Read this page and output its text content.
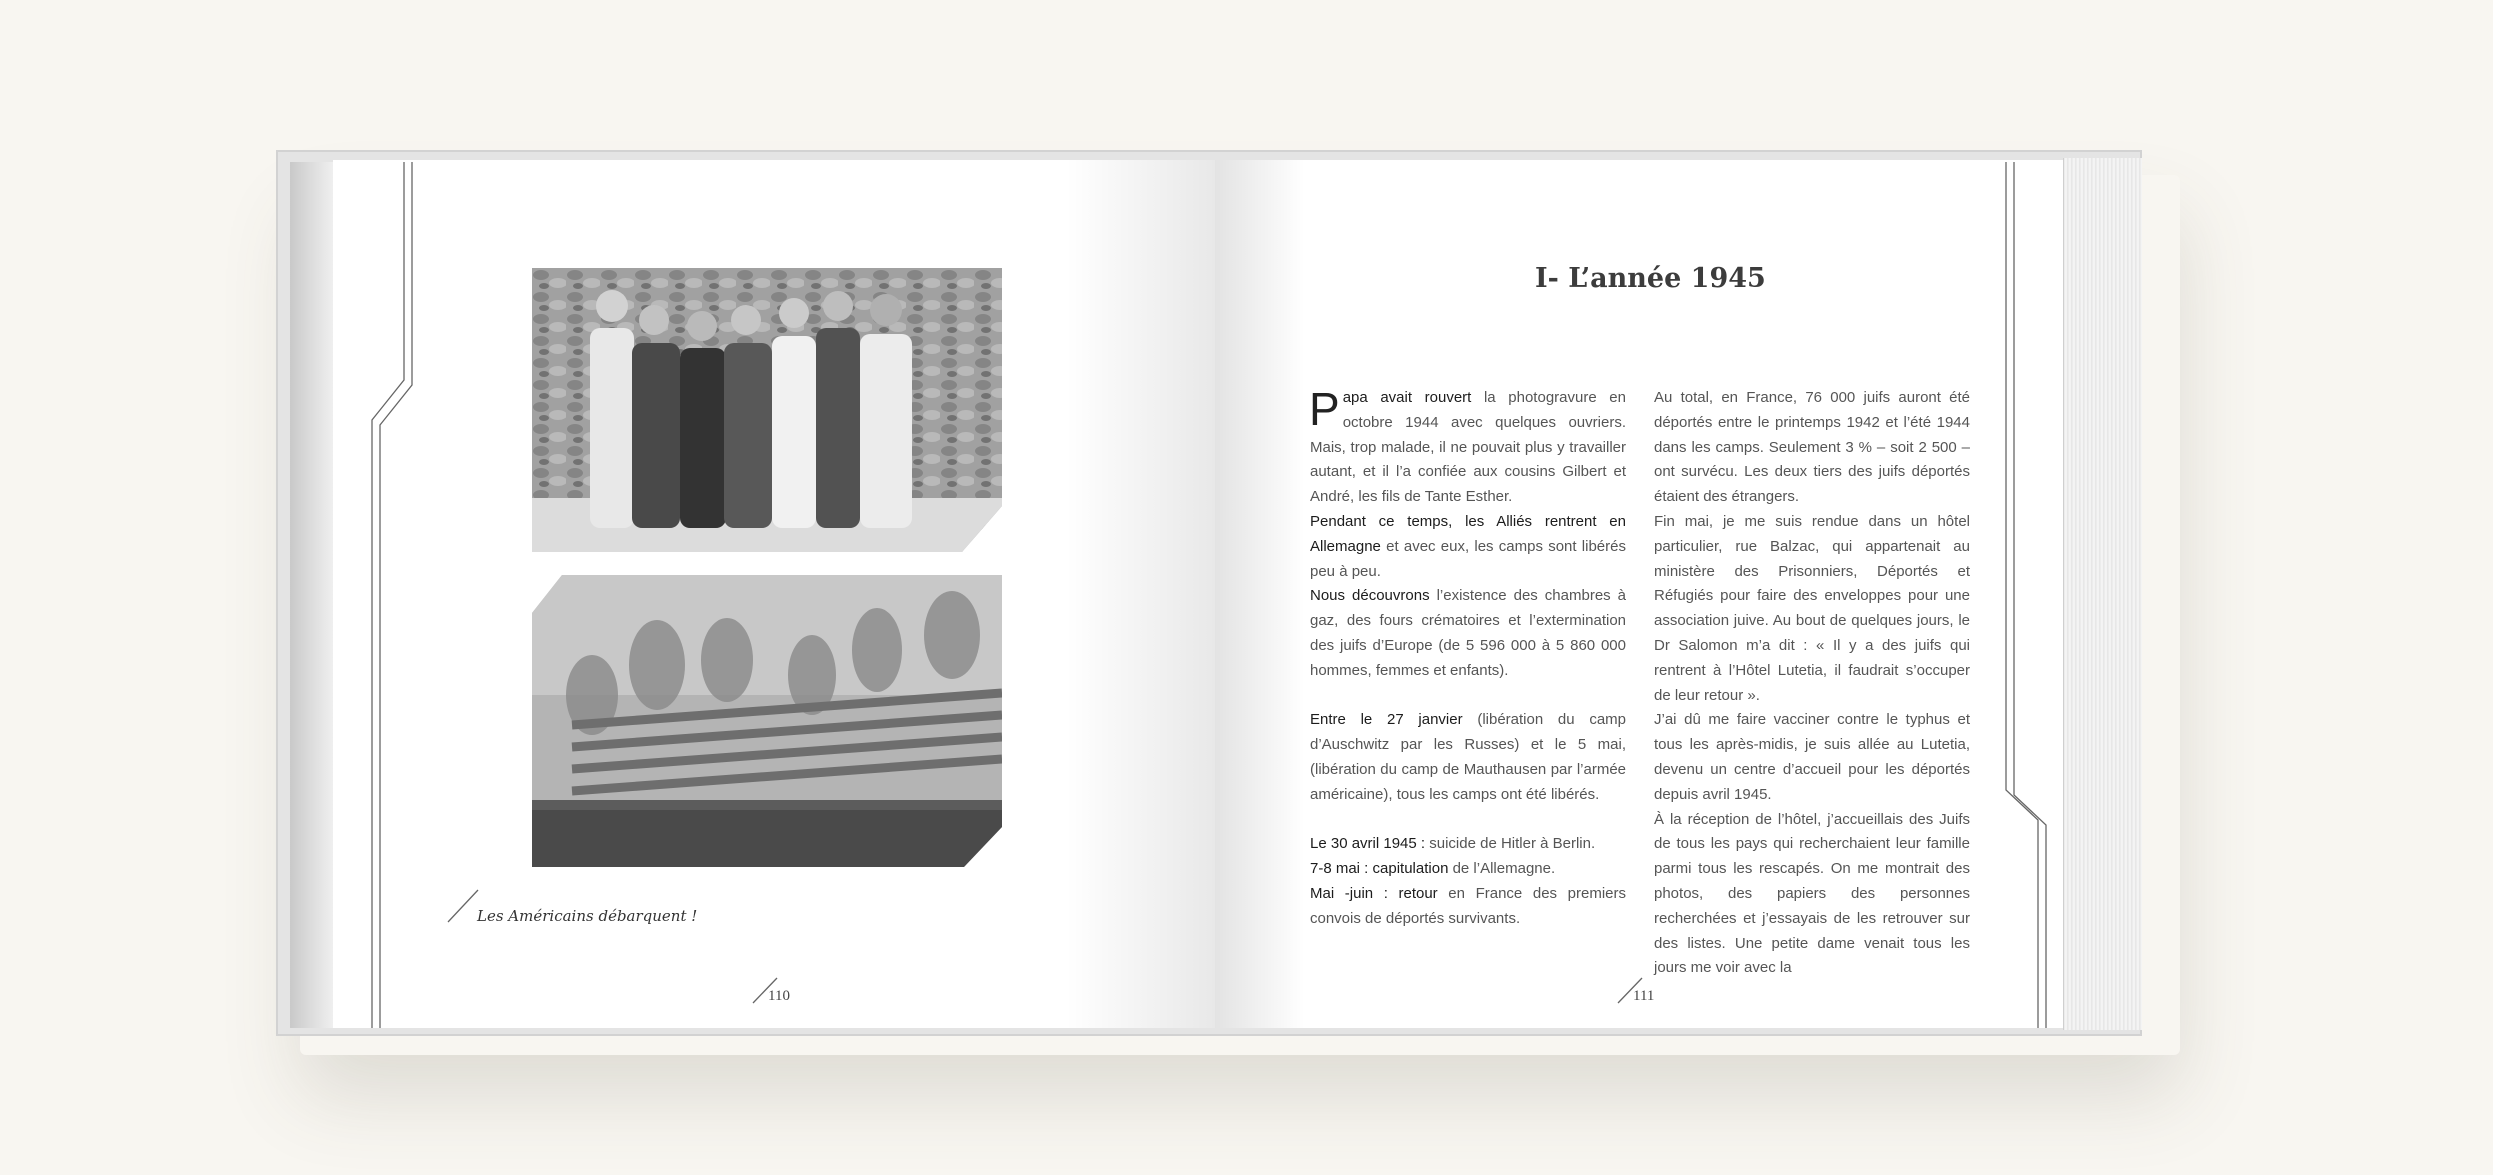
Les Américains débarquent !
110
I- L’année 1945

Papa avait rouvert la photogravure en octobre 1944 avec quelques ouvriers. Mais, trop malade, il ne pouvait plus y travailler autant, et il l’a confiée aux cousins Gilbert et André, les fils de Tante Esther.

Pendant ce temps, les Alliés rentrent en Allemagne et avec eux, les camps sont libérés peu à peu.

Nous découvrons l’existence des chambres à gaz, des fours crématoires et l’extermination des juifs d’Europe (de 5 596 000 à 5 860 000 hommes, femmes et enfants).

Entre le 27 janvier (libération du camp d’Auschwitz par les Russes) et le 5 mai, (libération du camp de Mauthausen par l’armée américaine), tous les camps ont été libérés.

Le 30 avril 1945 : suicide de Hitler à Berlin.

7-8 mai : capitulation de l’Allemagne.

Mai -juin : retour en France des premiers convois de déportés survivants.

Au total, en France, 76 000 juifs auront été déportés entre le printemps 1942 et l’été 1944 dans les camps. Seulement 3 % – soit 2 500 – ont survécu. Les deux tiers des juifs déportés étaient des étrangers.

Fin mai, je me suis rendue dans un hôtel particulier, rue Balzac, qui appartenait au ministère des Prisonniers, Déportés et Réfugiés pour faire des enveloppes pour une association juive. Au bout de quelques jours, le Dr Salomon m’a dit : « Il y a des juifs qui rentrent à l’Hôtel Lutetia, il faudrait s’occuper de leur retour ».

J’ai dû me faire vacciner contre le typhus et tous les après-midis, je suis allée au Lutetia, devenu un centre d’accueil pour les déportés depuis avril 1945.

À la réception de l’hôtel, j’accueillais des Juifs de tous les pays qui recherchaient leur famille parmi tous les rescapés. On me montrait des photos, des papiers des personnes recherchées et j’essayais de les retrouver sur des listes. Une petite dame venait tous les jours me voir avec la

111
